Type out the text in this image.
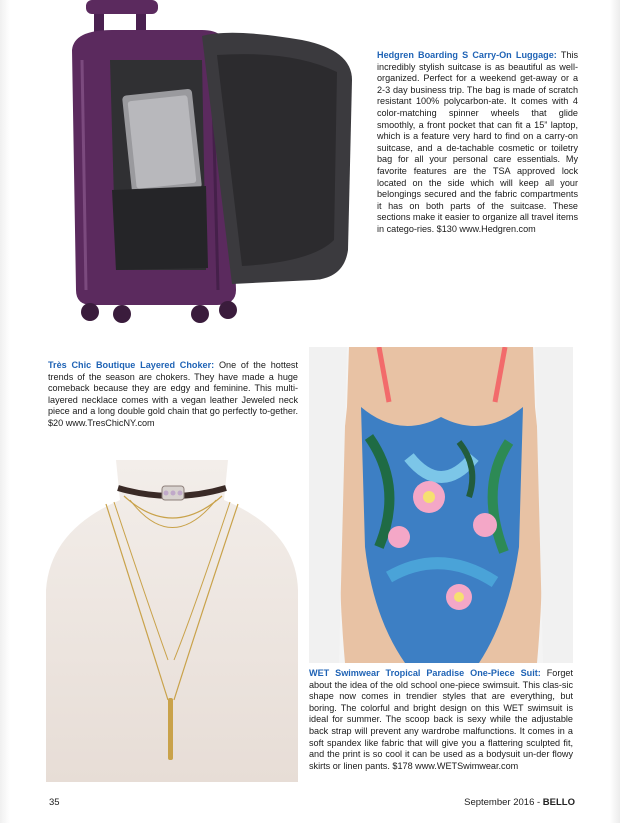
Hedgren Boarding S Carry-On Luggage: This incredibly stylish suitcase is as beautiful as well-organized. Perfect for a weekend get-away or a 2-3 day business trip. The bag is made of scratch resistant 100% polycarbon-ate. It comes with 4 color-matching spinner wheels that glide smoothly, a front pocket that can fit a 15” laptop, which is a feature very hard to find on a carry-on suitcase, and a de-tachable cosmetic or toiletry bag for all your personal care essentials. My favorite features are the TSA approved lock located on the side which will keep all your belongings secured and the fabric compartments it has on both parts of the suitcase. These sections make it easier to organize all travel items in catego-ries. $130 www.Hedgren.com
Très Chic Boutique Layered Choker: One of the hottest trends of the season are chokers. They have made a huge comeback because they are edgy and feminine. This multi-layered necklace comes with a vegan leather Jeweled neck piece and a long double gold chain that go perfectly to-gether. $20 www.TresChicNY.com
WET Swimwear Tropical Paradise One-Piece Suit: Forget about the idea of the old school one-piece swimsuit. This clas-sic shape now comes in trendier styles that are everything, but boring. The colorful and bright design on this WET swimsuit is ideal for summer. The scoop back is sexy while the adjustable back strap will prevent any wardrobe malfunctions. It comes in a soft spandex like fabric that will give you a flattering sculpted fit, and the print is so cool it can be used as a bodysuit un-der flowy skirts or linen pants. $178 www.WETSwimwear.com
35	September 2016 - BELLO
